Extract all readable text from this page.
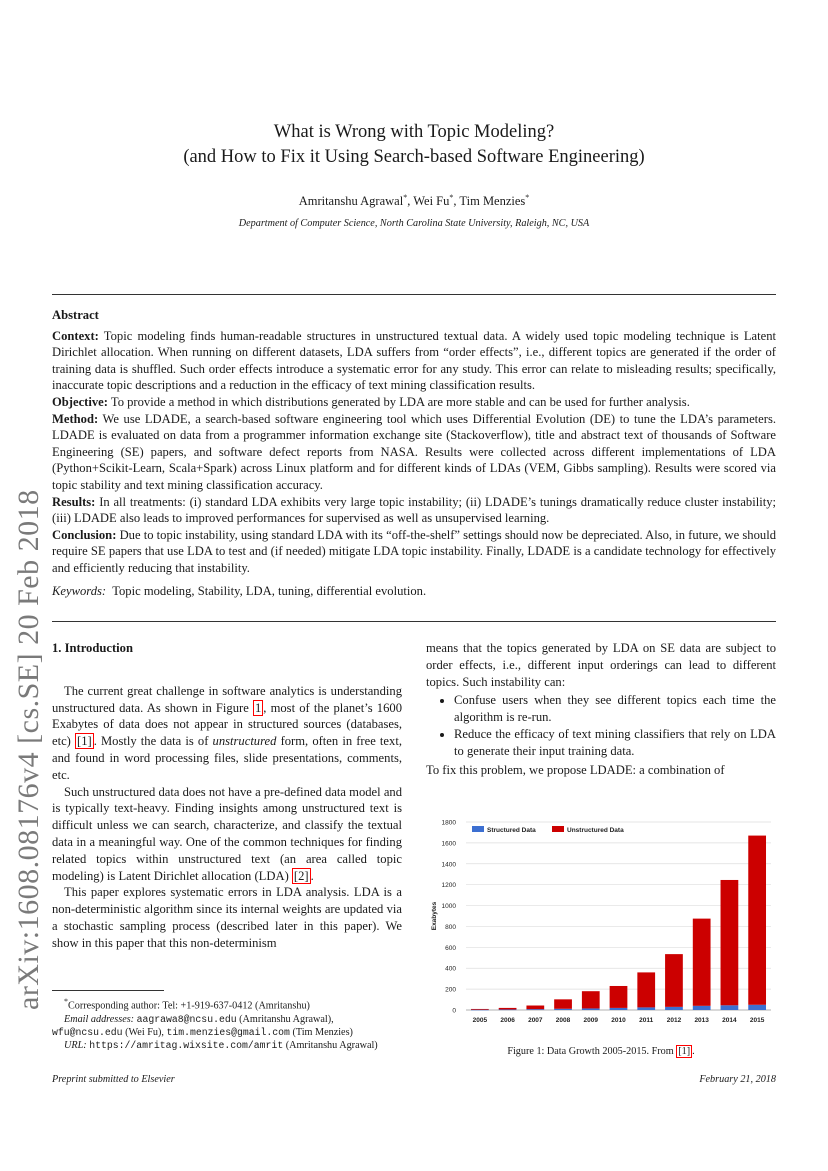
arXiv:1608.08176v4 [cs.SE] 20 Feb 2018
What is Wrong with Topic Modeling?
(and How to Fix it Using Search-based Software Engineering)
Amritanshu Agrawal*, Wei Fu*, Tim Menzies*
Department of Computer Science, North Carolina State University, Raleigh, NC, USA
Abstract

Context: Topic modeling finds human-readable structures in unstructured textual data. A widely used topic modeling technique is Latent Dirichlet allocation. When running on different datasets, LDA suffers from “order effects”, i.e., different topics are generated if the order of training data is shuffled. Such order effects introduce a systematic error for any study. This error can relate to misleading results; specifically, inaccurate topic descriptions and a reduction in the efficacy of text mining classification results.

Objective: To provide a method in which distributions generated by LDA are more stable and can be used for further analysis.

Method: We use LDADE, a search-based software engineering tool which uses Differential Evolution (DE) to tune the LDA’s parameters. LDADE is evaluated on data from a programmer information exchange site (Stackoverflow), title and abstract text of thousands of Software Engineering (SE) papers, and software defect reports from NASA. Results were collected across different implementations of LDA (Python+Scikit-Learn, Scala+Spark) across Linux platform and for different kinds of LDAs (VEM, Gibbs sampling). Results were scored via topic stability and text mining classification accuracy.

Results: In all treatments: (i) standard LDA exhibits very large topic instability; (ii) LDADE’s tunings dramatically reduce cluster instability; (iii) LDADE also leads to improved performances for supervised as well as unsupervised learning.

Conclusion: Due to topic instability, using standard LDA with its “off-the-shelf” settings should now be depreciated. Also, in future, we should require SE papers that use LDA to test and (if needed) mitigate LDA topic instability. Finally, LDADE is a candidate technology for effectively and efficiently reducing that instability.

Keywords: Topic modeling, Stability, LDA, tuning, differential evolution.

1. Introduction

The current great challenge in software analytics is understanding unstructured data. As shown in Figure 1 , most of the planet’s 1600 Exabytes of data does not appear in structured sources (databases, etc) [1] . Mostly the data is of unstructured form, often in free text, and found in word processing files, slide presentations, comments, etc.

Such unstructured data does not have a pre-defined data model and is typically text-heavy. Finding insights among unstructured text is difficult unless we can search, characterize, and classify the textual data in a meaningful way. One of the common techniques for finding related topics within unstructured text (an area called topic modeling) is Latent Dirichlet allocation (LDA) [2] .

This paper explores systematic errors in LDA analysis. LDA is a non-deterministic algorithm since its internal weights are updated via a stochastic sampling process (described later in this paper). We show in this paper that this non-determinism

means that the topics generated by LDA on SE data are subject to order effects, i.e., different input orderings can lead to different topics. Such instability can:

• Confuse users when they see different topics each time the algorithm is re-run.
• Reduce the efficacy of text mining classifiers that rely on LDA to generate their input training data.

To fix this problem, we propose LDADE: a combination of

*Corresponding author: Tel: +1-919-637-0412 (Amritanshu)

Email addresses: aagrawa8@ncsu.edu (Amritanshu Agrawal), wfu@ncsu.edu (Wei Fu), tim.menzies@gmail.com (Tim Menzies)

URL: https://amritag.wixsite.com/amrit (Amritanshu Agrawal)

0
200
400
600
800
1000
1200
1400
1600
1800
Exabytes
2005 2006 2007 2008 2009 2010 2011 2012 2013 2014 2015
Structured Data	Unstructured Data
Figure 1: Data Growth 2005-2015. From [1] .
Preprint submitted to Elsevier	February 21, 2018
